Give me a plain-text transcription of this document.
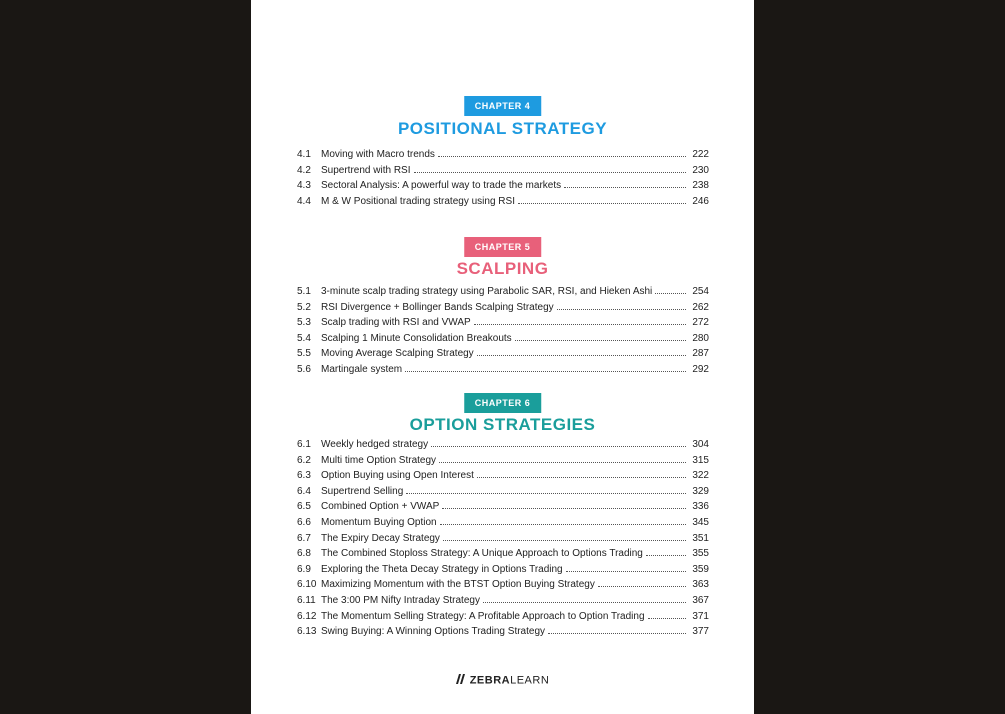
CHAPTER 4
POSITIONAL STRATEGY
4.1	Moving with Macro trends	222
4.2	Supertrend with RSI	230
4.3	Sectoral Analysis: A powerful way to trade the markets	238
4.4	M & W Positional trading strategy using RSI	246
CHAPTER 5
SCALPING
5.1	3-minute scalp trading strategy using Parabolic SAR, RSI, and Hieken Ashi	254
5.2	RSI Divergence + Bollinger Bands Scalping Strategy	262
5.3	Scalp trading with RSI and VWAP	272
5.4	Scalping 1 Minute Consolidation Breakouts	280
5.5	Moving Average Scalping Strategy	287
5.6	Martingale system	292
CHAPTER 6
OPTION STRATEGIES
6.1	Weekly hedged strategy	304
6.2	Multi time Option Strategy	315
6.3	Option Buying using Open Interest	322
6.4	Supertrend Selling	329
6.5	Combined Option + VWAP	336
6.6	Momentum Buying Option	345
6.7	The Expiry Decay Strategy	351
6.8	The Combined Stoploss Strategy: A Unique Approach to Options Trading	355
6.9	Exploring the Theta Decay Strategy in Options Trading	359
6.10 Maximizing Momentum with the BTST Option Buying Strategy	363
6.11 The 3:00 PM Nifty Intraday Strategy	367
6.12 The Momentum Selling Strategy: A Profitable Approach to Option Trading	371
6.13 Swing Buying: A Winning Options Trading Strategy	377
ZEBRALEARN
